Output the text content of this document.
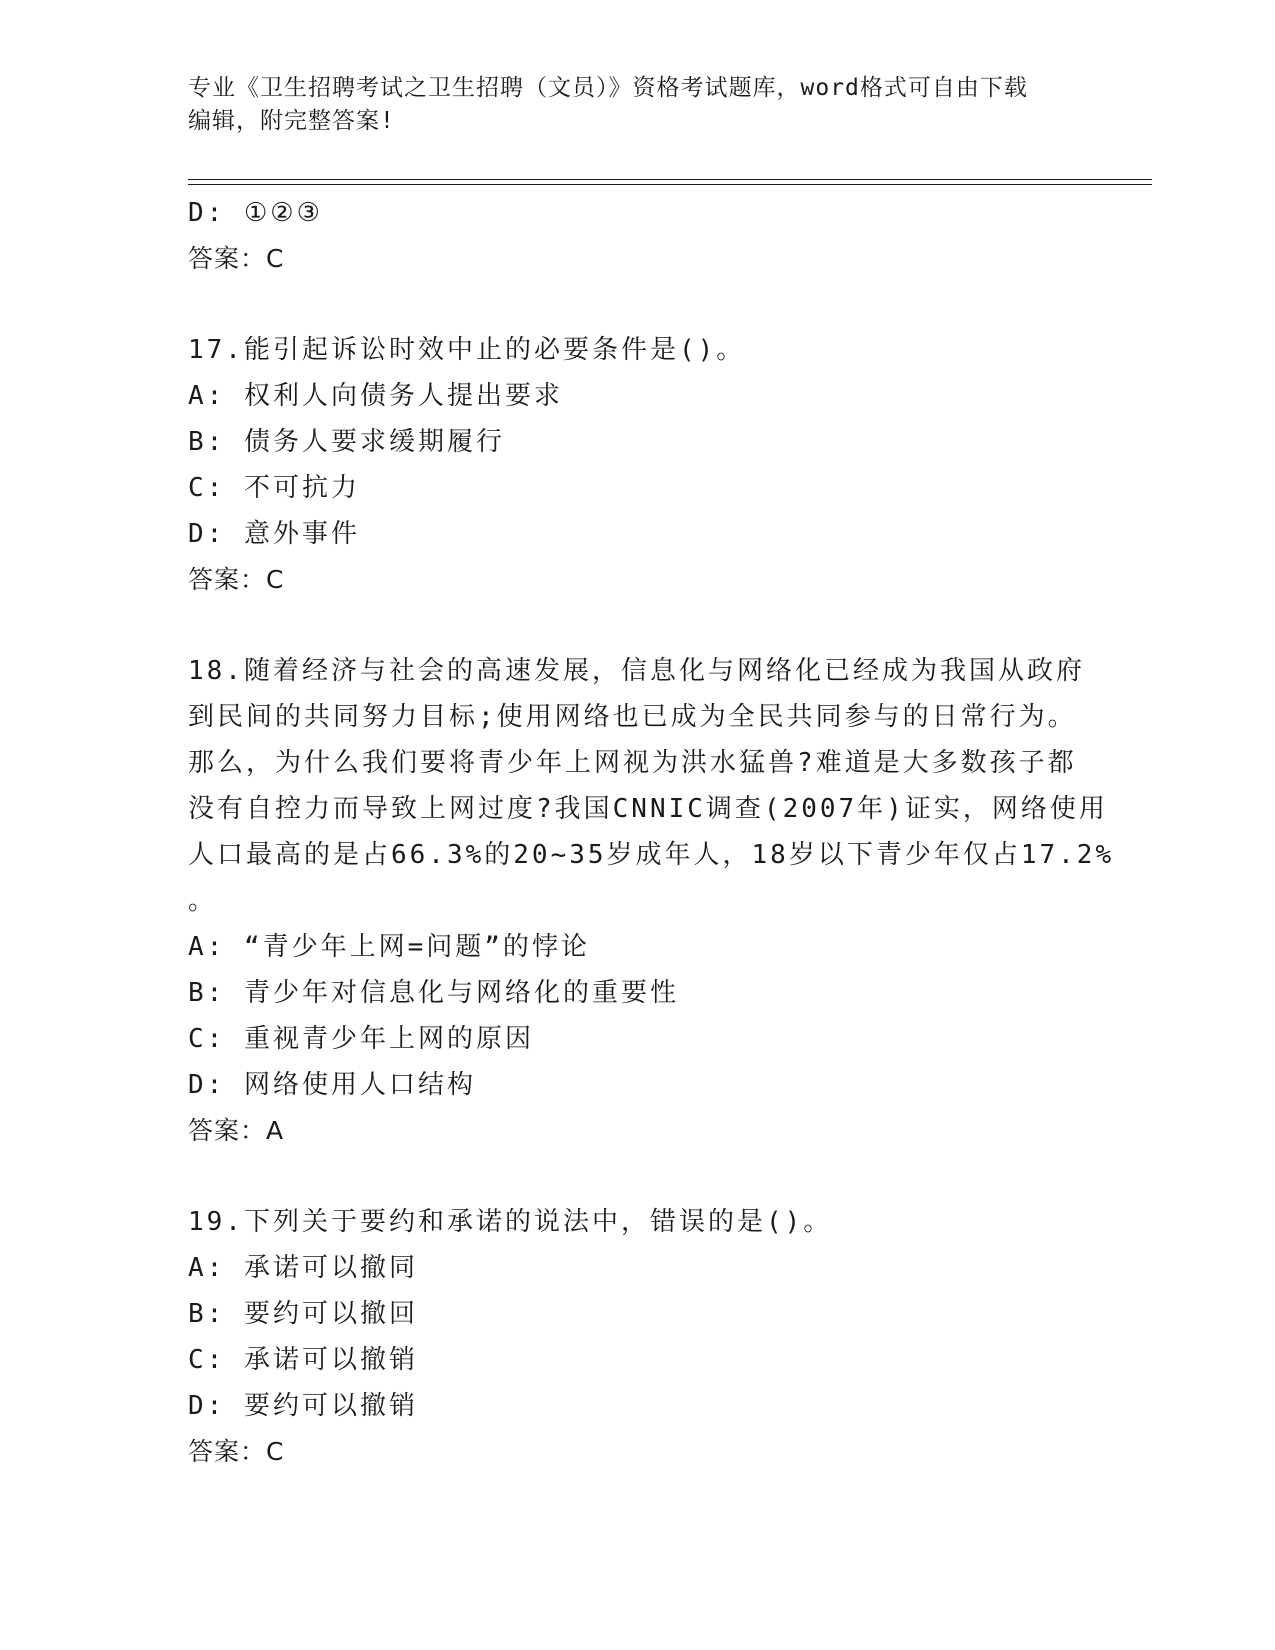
专业《卫生招聘考试之卫生招聘（文员）》资格考试题库，word格式可自由下载
编辑，附完整答案!
D: ①②③
答案：C
17.能引起诉讼时效中止的必要条件是()。
A: 权利人向债务人提出要求
B: 债务人要求缓期履行
C: 不可抗力
D: 意外事件
答案：C
18.随着经济与社会的高速发展，信息化与网络化已经成为我国从政府
到民间的共同努力目标;使用网络也已成为全民共同参与的日常行为。
那么，为什么我们要将青少年上网视为洪水猛兽?难道是大多数孩子都
没有自控力而导致上网过度?我国CNNIC调查(2007年)证实，网络使用
人口最高的是占66.3%的20~35岁成年人，18岁以下青少年仅占17.2%
。
A: “青少年上网=问题”的悖论
B: 青少年对信息化与网络化的重要性
C: 重视青少年上网的原因
D: 网络使用人口结构
答案：A
19.下列关于要约和承诺的说法中，错误的是()。
A: 承诺可以撤同
B: 要约可以撤回
C: 承诺可以撤销
D: 要约可以撤销
答案：C
